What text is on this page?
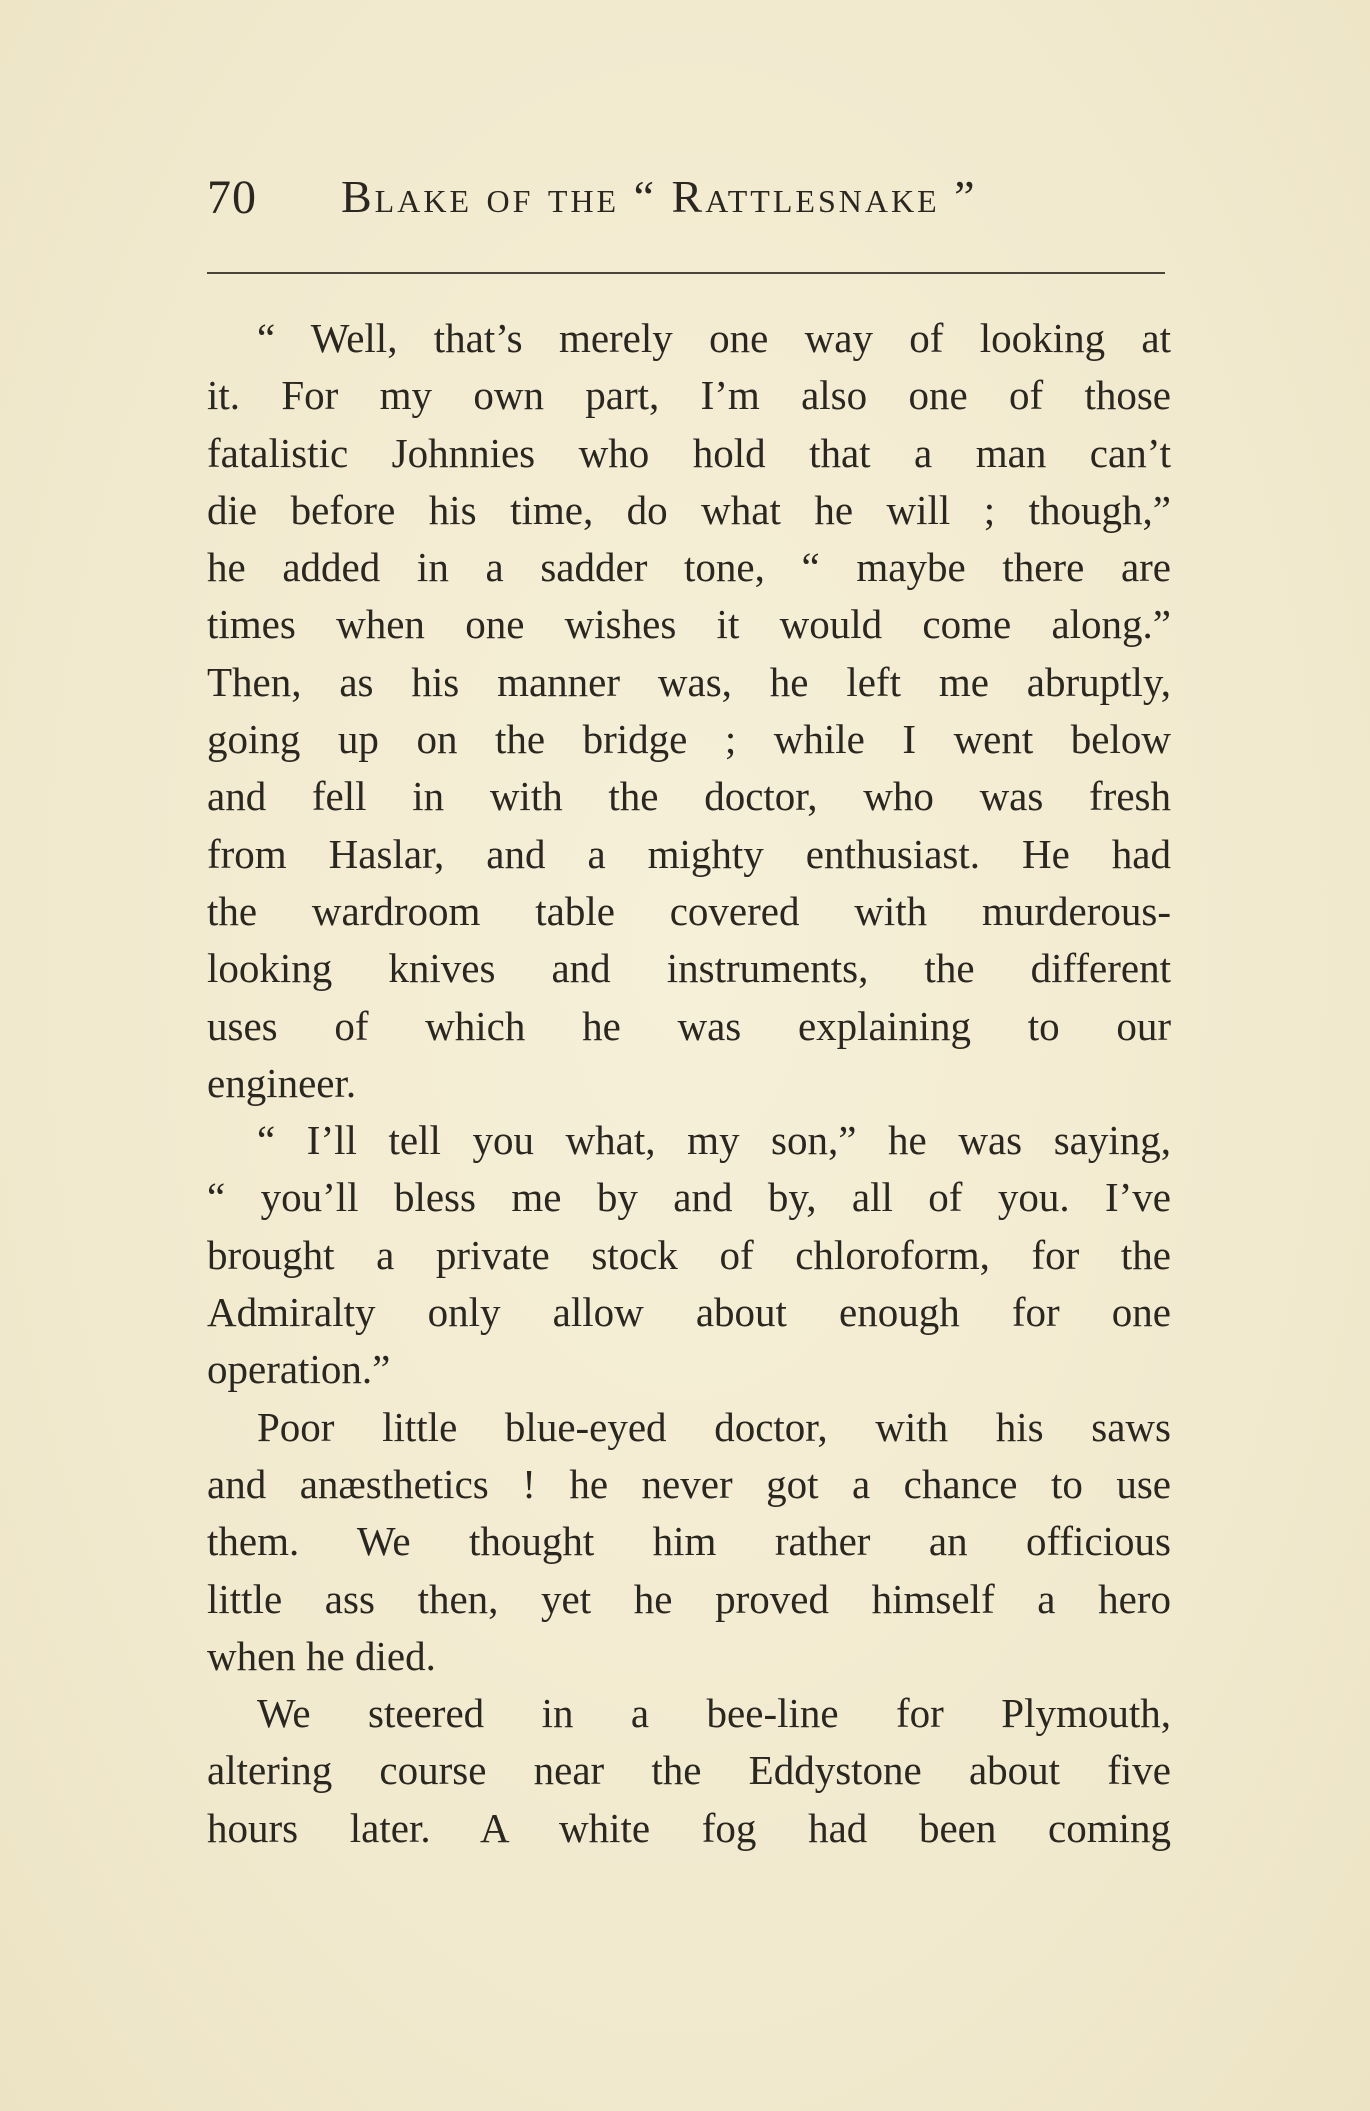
70 Blake of the “ Rattlesnake ”
“ Well, that’s merely one way of looking at
it. For my own part, I’m also one of those
fatalistic Johnnies who hold that a man can’t
die before his time, do what he will ; though,”
he added in a sadder tone, “ maybe there are
times when one wishes it would come along.”
Then, as his manner was, he left me abruptly,
going up on the bridge ; while I went below
and fell in with the doctor, who was fresh
from Haslar, and a mighty enthusiast. He had
the wardroom table covered with murderous-
looking knives and instruments, the different
uses of which he was explaining to our
engineer.
“ I’ll tell you what, my son,” he was saying,
“ you’ll bless me by and by, all of you. I’ve
brought a private stock of chloroform, for the
Admiralty only allow about enough for one
operation.”
Poor little blue-eyed doctor, with his saws
and anæsthetics ! he never got a chance to use
them. We thought him rather an officious
little ass then, yet he proved himself a hero
when he died.
We steered in a bee-line for Plymouth,
altering course near the Eddystone about five
hours later. A white fog had been coming
